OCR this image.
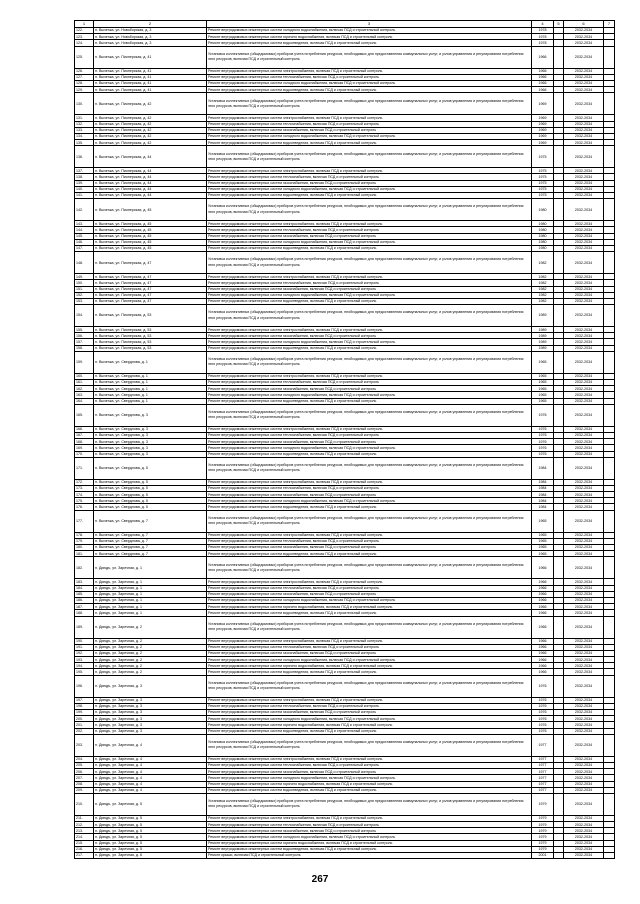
1	2	3	4	5	6	7
122.	п. Вычегжа, ул. Новоборская, д. 3	Ремонт внутридомовых инженерных систем холодного водоснабжения, включая ПСД и строительный контроль	1978		2032-2034	
123.	п. Вычегжа, ул. Новоборская, д. 3	Ремонт внутридомовых инженерных систем горячего водоснабжения, включая ПСД и строительный контроль	1978		2032-2034	
124.	п. Вычегжа, ул. Новоборская, д. 3	Ремонт внутридомовых инженерных систем водоотведения, включая ПСД и строительный контроль	1978		2032-2034	
125.	п. Вычегжа, ул. Пионерская, д. 41	Установка коллективных (общедомовых) приборов учета потребления ресурсов, необходимых для предоставления коммунальных услуг, и узлов управления и регулирования потребления этих ресурсов, включая ПСД и строительный контроль	1966		2032-2034	
126.	п. Вычегжа, ул. Пионерская, д. 41	Ремонт внутридомовых инженерных систем электроснабжения, включая ПСД и строительный контроль	1966		2032-2034	
127.	п. Вычегжа, ул. Пионерская, д. 41	Ремонт внутридомовых инженерных систем теплоснабжения, включая ПСД и строительный контроль	1966		2032-2034	
128.	п. Вычегжа, ул. Пионерская, д. 41	Ремонт внутридомовых инженерных систем холодного водоснабжения, включая ПСД и строительный контроль	1966		2032-2034	
129.	п. Вычегжа, ул. Пионерская, д. 41	Ремонт внутридомовых инженерных систем водоотведения, включая ПСД и строительный контроль	1966		2032-2034	
130.	п. Вычегжа, ул. Пионерская, д. 42	Установка коллективных (общедомовых) приборов учета потребления ресурсов, необходимых для предоставления коммунальных услуг, и узлов управления и регулирования потребления этих ресурсов, включая ПСД и строительный контроль	1969		2032-2034	
131.	п. Вычегжа, ул. Пионерская, д. 42	Ремонт внутридомовых инженерных систем электроснабжения, включая ПСД и строительный контроль	1969		2032-2034	
132.	п. Вычегжа, ул. Пионерская, д. 42	Ремонт внутридомовых инженерных систем теплоснабжения, включая ПСД и строительный контроль	1969		2032-2034	
133.	п. Вычегжа, ул. Пионерская, д. 42	Ремонт внутридомовых инженерных систем газоснабжения, включая ПСД и строительный контроль	1969		2032-2034	
134.	п. Вычегжа, ул. Пионерская, д. 42	Ремонт внутридомовых инженерных систем холодного водоснабжения, включая ПСД и строительный контроль	1969		2032-2034	
135.	п. Вычегжа, ул. Пионерская, д. 42	Ремонт внутридомовых инженерных систем водоотведения, включая ПСД и строительный контроль	1969		2032-2034	
136.	п. Вычегжа, ул. Пионерская, д. 44	Установка коллективных (общедомовых) приборов учета потребления ресурсов, необходимых для предоставления коммунальных услуг, и узлов управления и регулирования потребления этих ресурсов, включая ПСД и строительный контроль	1975		2032-2034	
137.	п. Вычегжа, ул. Пионерская, д. 44	Ремонт внутридомовых инженерных систем электроснабжения, включая ПСД и строительный контроль	1975		2032-2034	
138.	п. Вычегжа, ул. Пионерская, д. 44	Ремонт внутридомовых инженерных систем теплоснабжения, включая ПСД и строительный контроль	1975		2032-2034	
139.	п. Вычегжа, ул. Пионерская, д. 44	Ремонт внутридомовых инженерных систем газоснабжения, включая ПСД и строительный контроль	1975		2032-2034	
140.	п. Вычегжа, ул. Пионерская, д. 44	Ремонт внутридомовых инженерных систем холодного водоснабжения, включая ПСД и строительный контроль	1975		2032-2034	
141.	п. Вычегжа, ул. Пионерская, д. 44	Ремонт внутридомовых инженерных систем водоотведения, включая ПСД и строительный контроль	1975		2032-2034	
142.	п. Вычегжа, ул. Пионерская, д. 45	Установка коллективных (общедомовых) приборов учета потребления ресурсов, необходимых для предоставления коммунальных услуг, и узлов управления и регулирования потребления этих ресурсов, включая ПСД и строительный контроль	1980		2032-2034	
143.	п. Вычегжа, ул. Пионерская, д. 45	Ремонт внутридомовых инженерных систем электроснабжения, включая ПСД и строительный контроль	1980		2032-2034	
144.	п. Вычегжа, ул. Пионерская, д. 45	Ремонт внутридомовых инженерных систем теплоснабжения, включая ПСД и строительный контроль	1980		2032-2034	
145.	п. Вычегжа, ул. Пионерская, д. 45	Ремонт внутридомовых инженерных систем газоснабжения, включая ПСД и строительный контроль	1980		2032-2034	
146.	п. Вычегжа, ул. Пионерская, д. 45	Ремонт внутридомовых инженерных систем холодного водоснабжения, включая ПСД и строительный контроль	1980		2032-2034	
147.	п. Вычегжа, ул. Пионерская, д. 45	Ремонт внутридомовых инженерных систем водоотведения, включая ПСД и строительный контроль	1980		2032-2034	
148.	п. Вычегжа, ул. Пионерская, д. 47	Установка коллективных (общедомовых) приборов учета потребления ресурсов, необходимых для предоставления коммунальных услуг, и узлов управления и регулирования потребления этих ресурсов, включая ПСД и строительный контроль	1982		2032-2034	
149.	п. Вычегжа, ул. Пионерская, д. 47	Ремонт внутридомовых инженерных систем электроснабжения, включая ПСД и строительный контроль	1982		2032-2034	
150.	п. Вычегжа, ул. Пионерская, д. 47	Ремонт внутридомовых инженерных систем теплоснабжения, включая ПСД и строительный контроль	1982		2032-2034	
151.	п. Вычегжа, ул. Пионерская, д. 47	Ремонт внутридомовых инженерных систем газоснабжения, включая ПСД и строительный контроль	1982		2032-2034	
152.	п. Вычегжа, ул. Пионерская, д. 47	Ремонт внутридомовых инженерных систем холодного водоснабжения, включая ПСД и строительный контроль	1982		2032-2034	
153.	п. Вычегжа, ул. Пионерская, д. 47	Ремонт внутридомовых инженерных систем водоотведения, включая ПСД и строительный контроль	1982		2032-2034	
154.	п. Вычегжа, ул. Пионерская, д. 53	Установка коллективных (общедомовых) приборов учета потребления ресурсов, необходимых для предоставления коммунальных услуг, и узлов управления и регулирования потребления этих ресурсов, включая ПСД и строительный контроль	1989		2032-2034	
155.	п. Вычегжа, ул. Пионерская, д. 53	Ремонт внутридомовых инженерных систем электроснабжения, включая ПСД и строительный контроль	1989		2032-2034	
156.	п. Вычегжа, ул. Пионерская, д. 53	Ремонт внутридомовых инженерных систем газоснабжения, включая ПСД и строительный контроль	1989		2032-2034	
157.	п. Вычегжа, ул. Пионерская, д. 53	Ремонт внутридомовых инженерных систем холодного водоснабжения, включая ПСД и строительный контроль	1989		2032-2034	
158.	п. Вычегжа, ул. Пионерская, д. 53	Ремонт внутридомовых инженерных систем водоотведения, включая ПСД и строительный контроль	1989		2032-2034	
159.	п. Вычегжа, ул. Свердлова, д. 1	Установка коллективных (общедомовых) приборов учета потребления ресурсов, необходимых для предоставления коммунальных услуг, и узлов управления и регулирования потребления этих ресурсов, включая ПСД и строительный контроль	1965		2032-2034	
160.	п. Вычегжа, ул. Свердлова, д. 1	Ремонт внутридомовых инженерных систем электроснабжения, включая ПСД и строительный контроль	1965		2032-2034	
161.	п. Вычегжа, ул. Свердлова, д. 1	Ремонт внутридомовых инженерных систем теплоснабжения, включая ПСД и строительный контроль	1965		2032-2034	
162.	п. Вычегжа, ул. Свердлова, д. 1	Ремонт внутридомовых инженерных систем газоснабжения, включая ПСД и строительный контроль	1965		2032-2034	
163.	п. Вычегжа, ул. Свердлова, д. 1	Ремонт внутридомовых инженерных систем холодного водоснабжения, включая ПСД и строительный контроль	1965		2032-2034	
164.	п. Вычегжа, ул. Свердлова, д. 1	Ремонт внутридомовых инженерных систем водоотведения, включая ПСД и строительный контроль	1965		2032-2034	
165.	п. Вычегжа, ул. Свердлова, д. 3	Установка коллективных (общедомовых) приборов учета потребления ресурсов, необходимых для предоставления коммунальных услуг, и узлов управления и регулирования потребления этих ресурсов, включая ПСД и строительный контроль	1976		2032-2034	
166.	п. Вычегжа, ул. Свердлова, д. 3	Ремонт внутридомовых инженерных систем электроснабжения, включая ПСД и строительный контроль	1976		2032-2034	
167.	п. Вычегжа, ул. Свердлова, д. 3	Ремонт внутридомовых инженерных систем теплоснабжения, включая ПСД и строительный контроль	1976		2032-2034	
168.	п. Вычегжа, ул. Свердлова, д. 3	Ремонт внутридомовых инженерных систем газоснабжения, включая ПСД и строительный контроль	1976		2032-2034	
169.	п. Вычегжа, ул. Свердлова, д. 3	Ремонт внутридомовых инженерных систем холодного водоснабжения, включая ПСД и строительный контроль	1976		2032-2034	
170.	п. Вычегжа, ул. Свердлова, д. 3	Ремонт внутридомовых инженерных систем водоотведения, включая ПСД и строительный контроль	1976		2032-2034	
171.	п. Вычегжа, ул. Свердлова, д. 5	Установка коллективных (общедомовых) приборов учета потребления ресурсов, необходимых для предоставления коммунальных услуг, и узлов управления и регулирования потребления этих ресурсов, включая ПСД и строительный контроль	1984		2032-2034	
172.	п. Вычегжа, ул. Свердлова, д. 5	Ремонт внутридомовых инженерных систем электроснабжения, включая ПСД и строительный контроль	1984		2032-2034	
173.	п. Вычегжа, ул. Свердлова, д. 5	Ремонт внутридомовых инженерных систем теплоснабжения, включая ПСД и строительный контроль	1984		2032-2034	
174.	п. Вычегжа, ул. Свердлова, д. 5	Ремонт внутридомовых инженерных систем газоснабжения, включая ПСД и строительный контроль	1984		2032-2034	
175.	п. Вычегжа, ул. Свердлова, д. 5	Ремонт внутридомовых инженерных систем холодного водоснабжения, включая ПСД и строительный контроль	1984		2032-2034	
176.	п. Вычегжа, ул. Свердлова, д. 5	Ремонт внутридомовых инженерных систем водоотведения, включая ПСД и строительный контроль	1984		2032-2034	
177.	п. Вычегжа, ул. Свердлова, д. 7	Установка коллективных (общедомовых) приборов учета потребления ресурсов, необходимых для предоставления коммунальных услуг, и узлов управления и регулирования потребления этих ресурсов, включая ПСД и строительный контроль	1965		2032-2034	
178.	п. Вычегжа, ул. Свердлова, д. 7	Ремонт внутридомовых инженерных систем электроснабжения, включая ПСД и строительный контроль	1965		2032-2034	
179.	п. Вычегжа, ул. Свердлова, д. 7	Ремонт внутридомовых инженерных систем теплоснабжения, включая ПСД и строительный контроль	1965		2032-2034	
180.	п. Вычегжа, ул. Свердлова, д. 7	Ремонт внутридомовых инженерных систем газоснабжения, включая ПСД и строительный контроль	1965		2032-2034	
181.	п. Вычегжа, ул. Свердлова, д. 7	Ремонт внутридомовых инженерных систем водоотведения, включая ПСД и строительный контроль	1965		2032-2034	
182.	п. Диюдъ, ул. Заречная, д. 1	Установка коллективных (общедомовых) приборов учета потребления ресурсов, необходимых для предоставления коммунальных услуг, и узлов управления и регулирования потребления этих ресурсов, включая ПСД и строительный контроль	1966		2032-2034	
183.	п. Диюдъ, ул. Заречная, д. 1	Ремонт внутридомовых инженерных систем электроснабжения, включая ПСД и строительный контроль	1966		2032-2034	
184.	п. Диюдъ, ул. Заречная, д. 1	Ремонт внутридомовых инженерных систем теплоснабжения, включая ПСД и строительный контроль	1966		2032-2034	
185.	п. Диюдъ, ул. Заречная, д. 1	Ремонт внутридомовых инженерных систем газоснабжения, включая ПСД и строительный контроль	1966		2032-2034	
186.	п. Диюдъ, ул. Заречная, д. 1	Ремонт внутридомовых инженерных систем холодного водоснабжения, включая ПСД и строительный контроль	1966		2032-2034	
187.	п. Диюдъ, ул. Заречная, д. 1	Ремонт внутридомовых инженерных систем горячего водоснабжения, включая ПСД и строительный контроль	1966		2032-2034	
188.	п. Диюдъ, ул. Заречная, д. 1	Ремонт внутридомовых инженерных систем водоотведения, включая ПСД и строительный контроль	1966		2032-2034	
189.	п. Диюдъ, ул. Заречная, д. 2	Установка коллективных (общедомовых) приборов учета потребления ресурсов, необходимых для предоставления коммунальных услуг, и узлов управления и регулирования потребления этих ресурсов, включая ПСД и строительный контроль	1966		2032-2034	
190.	п. Диюдъ, ул. Заречная, д. 2	Ремонт внутридомовых инженерных систем электроснабжения, включая ПСД и строительный контроль	1966		2032-2034	
191.	п. Диюдъ, ул. Заречная, д. 2	Ремонт внутридомовых инженерных систем теплоснабжения, включая ПСД и строительный контроль	1966		2032-2034	
192.	п. Диюдъ, ул. Заречная, д. 2	Ремонт внутридомовых инженерных систем газоснабжения, включая ПСД и строительный контроль	1966		2032-2034	
193.	п. Диюдъ, ул. Заречная, д. 2	Ремонт внутридомовых инженерных систем холодного водоснабжения, включая ПСД и строительный контроль	1966		2032-2034	
194.	п. Диюдъ, ул. Заречная, д. 2	Ремонт внутридомовых инженерных систем горячего водоснабжения, включая ПСД и строительный контроль	1966		2032-2034	
195.	п. Диюдъ, ул. Заречная, д. 2	Ремонт внутридомовых инженерных систем водоотведения, включая ПСД и строительный контроль	1966		2032-2034	
196.	п. Диюдъ, ул. Заречная, д. 3	Установка коллективных (общедомовых) приборов учета потребления ресурсов, необходимых для предоставления коммунальных услуг, и узлов управления и регулирования потребления этих ресурсов, включая ПСД и строительный контроль	1976		2032-2034	
197.	п. Диюдъ, ул. Заречная, д. 3	Ремонт внутридомовых инженерных систем электроснабжения, включая ПСД и строительный контроль	1976		2032-2034	
198.	п. Диюдъ, ул. Заречная, д. 3	Ремонт внутридомовых инженерных систем теплоснабжения, включая ПСД и строительный контроль	1976		2032-2034	
199.	п. Диюдъ, ул. Заречная, д. 3	Ремонт внутридомовых инженерных систем газоснабжения, включая ПСД и строительный контроль	1976		2032-2034	
200.	п. Диюдъ, ул. Заречная, д. 3	Ремонт внутридомовых инженерных систем холодного водоснабжения, включая ПСД и строительный контроль	1976		2032-2034	
201.	п. Диюдъ, ул. Заречная, д. 3	Ремонт внутридомовых инженерных систем горячего водоснабжения, включая ПСД и строительный контроль	1976		2032-2034	
202.	п. Диюдъ, ул. Заречная, д. 3	Ремонт внутридомовых инженерных систем водоотведения, включая ПСД и строительный контроль	1976		2032-2034	
203.	п. Диюдъ, ул. Заречная, д. 4	Установка коллективных (общедомовых) приборов учета потребления ресурсов, необходимых для предоставления коммунальных услуг, и узлов управления и регулирования потребления этих ресурсов, включая ПСД и строительный контроль	1977		2032-2034	
204.	п. Диюдъ, ул. Заречная, д. 4	Ремонт внутридомовых инженерных систем электроснабжения, включая ПСД и строительный контроль	1977		2032-2034	
205.	п. Диюдъ, ул. Заречная, д. 4	Ремонт внутридомовых инженерных систем теплоснабжения, включая ПСД и строительный контроль	1977		2032-2034	
206.	п. Диюдъ, ул. Заречная, д. 4	Ремонт внутридомовых инженерных систем газоснабжения, включая ПСД и строительный контроль	1977		2032-2034	
207.	п. Диюдъ, ул. Заречная, д. 4	Ремонт внутридомовых инженерных систем холодного водоснабжения, включая ПСД и строительный контроль	1977		2032-2034	
208.	п. Диюдъ, ул. Заречная, д. 4	Ремонт внутридомовых инженерных систем горячего водоснабжения, включая ПСД и строительный контроль	1977		2032-2034	
209.	п. Диюдъ, ул. Заречная, д. 4	Ремонт внутридомовых инженерных систем водоотведения, включая ПСД и строительный контроль	1977		2032-2034	
210.	п. Диюдъ, ул. Заречная, д. 5	Установка коллективных (общедомовых) приборов учета потребления ресурсов, необходимых для предоставления коммунальных услуг, и узлов управления и регулирования потребления этих ресурсов, включая ПСД и строительный контроль	1979		2032-2034	
211.	п. Диюдъ, ул. Заречная, д. 5	Ремонт внутридомовых инженерных систем электроснабжения, включая ПСД и строительный контроль	1979		2032-2034	
212.	п. Диюдъ, ул. Заречная, д. 5	Ремонт внутридомовых инженерных систем теплоснабжения, включая ПСД и строительный контроль	1979		2032-2034	
213.	п. Диюдъ, ул. Заречная, д. 5	Ремонт внутридомовых инженерных систем газоснабжения, включая ПСД и строительный контроль	1979		2032-2034	
214.	п. Диюдъ, ул. Заречная, д. 5	Ремонт внутридомовых инженерных систем холодного водоснабжения, включая ПСД и строительный контроль	1979		2032-2034	
215.	п. Диюдъ, ул. Заречная, д. 5	Ремонт внутридомовых инженерных систем горячего водоснабжения, включая ПСД и строительный контроль	1979		2032-2034	
216.	п. Диюдъ, ул. Заречная, д. 5	Ремонт внутридомовых инженерных систем водоотведения, включая ПСД и строительный контроль	1979		2032-2034	
217.	п. Диюдъ, ул. Заречная, д. 6	Ремонт крыши, включая ПСД и строительный контроль	2001		2032-2034	
267
